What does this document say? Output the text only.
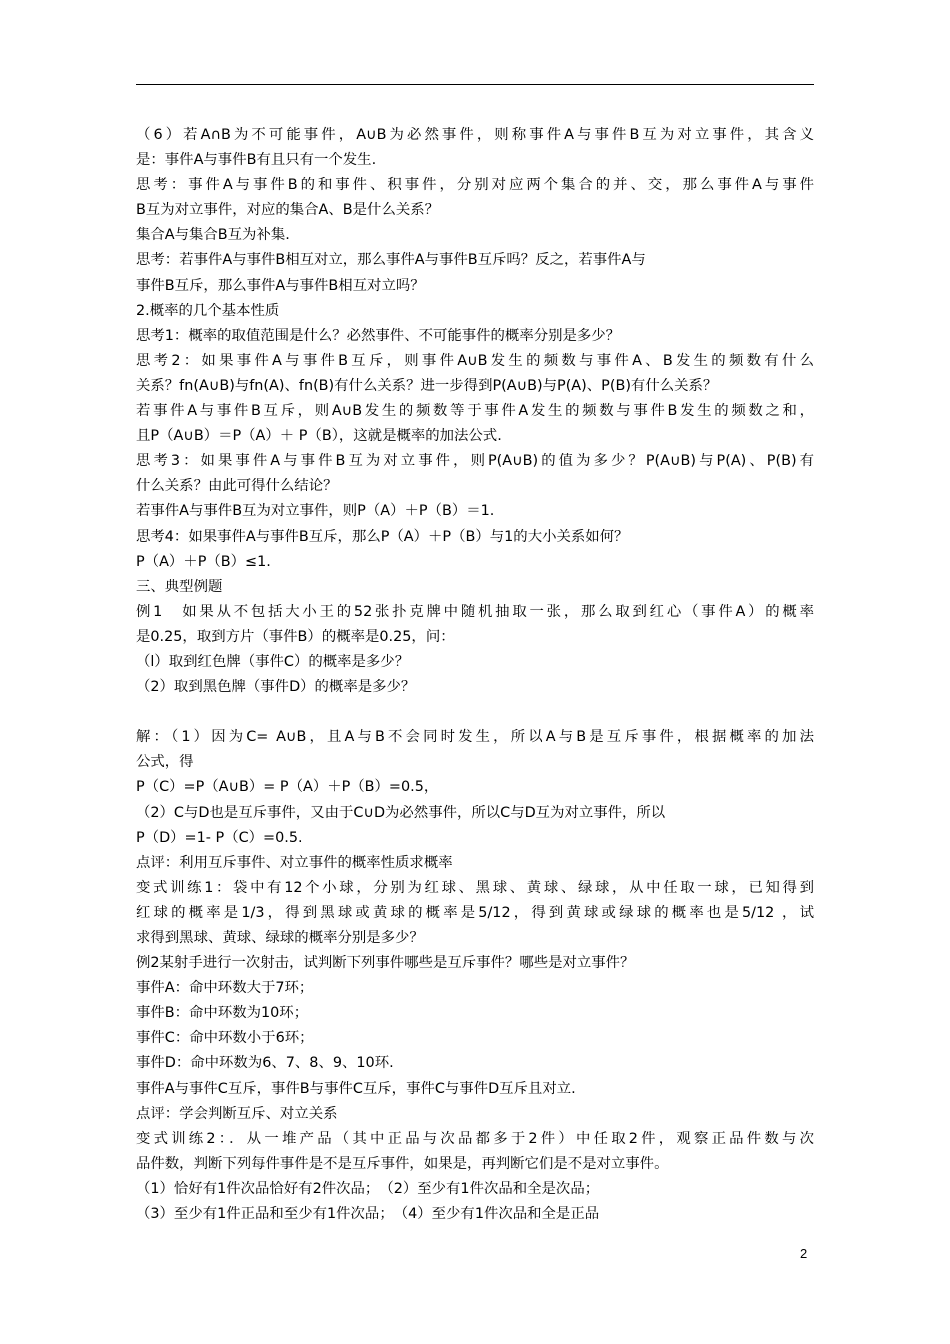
（6）若A∩B为不可能事件，A∪B为必然事件，则称事件A与事件B互为对立事件，其含义
是：事件A与事件B有且只有一个发生.
思考：事件A与事件B的和事件、积事件，分别对应两个集合的并、交，那么事件A与事件
B互为对立事件，对应的集合A、B是什么关系？
集合A与集合B互为补集.
思考：若事件A与事件B相互对立，那么事件A与事件B互斥吗？反之，若事件A与
事件B互斥，那么事件A与事件B相互对立吗？
2.概率的几个基本性质
思考1：概率的取值范围是什么？必然事件、不可能事件的概率分别是多少？
思考2：如果事件A与事件B互斥，则事件A∪B发生的频数与事件A、B发生的频数有什么
关系？fn(A∪B)与fn(A)、fn(B)有什么关系？进一步得到P(A∪B)与P(A)、P(B)有什么关系？
若事件A与事件B互斥，则A∪B发生的频数等于事件A发生的频数与事件B发生的频数之和，
且P（A∪B）＝P（A）＋ P（B），这就是概率的加法公式.
思考3：如果事件A与事件B互为对立事件，则P(A∪B)的值为多少？P(A∪B)与P(A)、P(B)有
什么关系？由此可得什么结论？
若事件A与事件B互为对立事件，则P（A）＋P（B）＝1.
思考4：如果事件A与事件B互斥，那么P（A）＋P（B）与1的大小关系如何？
P（A）＋P（B）≤1.
三、典型例题
例1　如果从不包括大小王的52张扑克牌中随机抽取一张，那么取到红心（事件A）的概率
是0.25，取到方片（事件B）的概率是0.25，问：
（l）取到红色牌（事件C）的概率是多少？
（2）取到黑色牌（事件D）的概率是多少？
解：（1）因为C= A∪B，且A与B不会同时发生，所以A与B是互斥事件，根据概率的加法
公式，得
P（C）=P（A∪B）= P（A）＋P（B）=0.5，
（2）C与D也是互斥事件，又由于C∪D为必然事件，所以C与D互为对立事件，所以
P（D）=1- P（C）=0.5.
点评：利用互斥事件、对立事件的概率性质求概率
变式训练1：袋中有12个小球，分别为红球、黑球、黄球、绿球，从中任取一球，已知得到
红球的概率是1/3，得到黑球或黄球的概率是5/12，得到黄球或绿球的概率也是5/12 ，试
求得到黑球、黄球、绿球的概率分别是多少？
例2某射手进行一次射击，试判断下列事件哪些是互斥事件？哪些是对立事件？
事件A：命中环数大于7环；
事件B：命中环数为10环；
事件C：命中环数小于6环；
事件D：命中环数为6、7、8、9、10环.
事件A与事件C互斥，事件B与事件C互斥，事件C与事件D互斥且对立.
点评：学会判断互斥、对立关系
变式训练2：．从一堆产品（其中正品与次品都多于2件）中任取2件，观察正品件数与次
品件数，判断下列每件事件是不是互斥事件，如果是，再判断它们是不是对立事件。
（1）恰好有1件次品恰好有2件次品；　（2）至少有1件次品和全是次品；
（3）至少有1件正品和至少有1件次品；　（4）至少有1件次品和全是正品
2
